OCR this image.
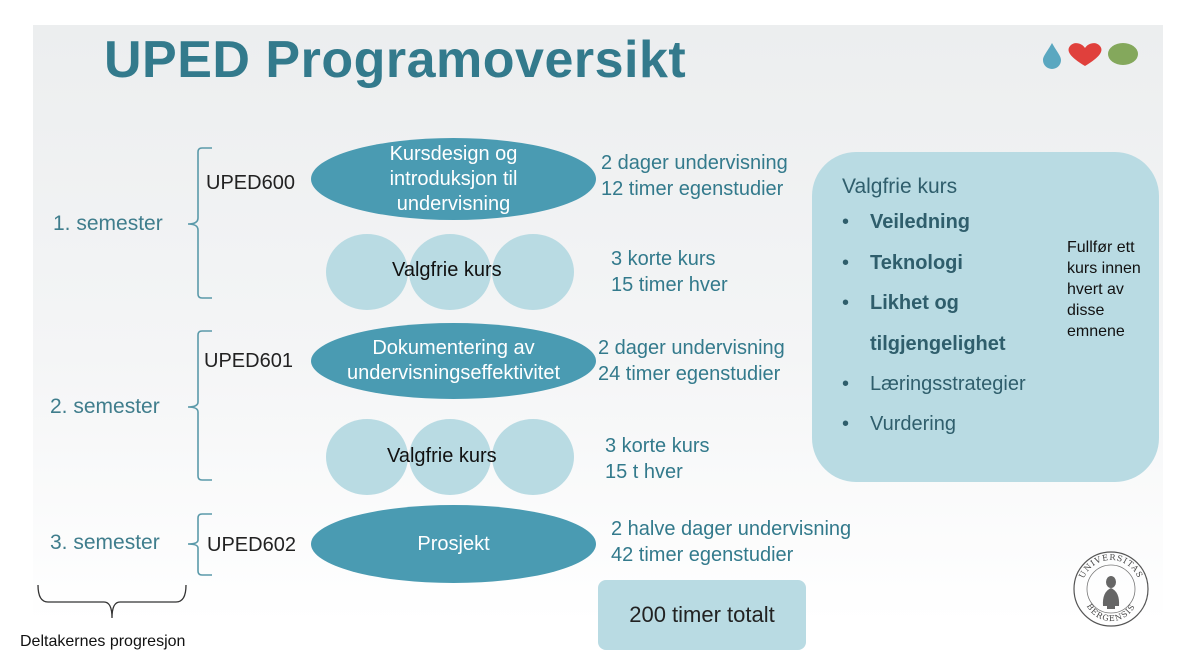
UPED Programoversikt
1. semester
2. semester
3. semester
UPED600
UPED601
UPED602
Kursdesign og introduksjon til undervisning
Dokumentering av undervisningseffektivitet
Prosjekt
Valgfrie kurs
Valgfrie kurs
2 dager undervisning
12 timer egenstudier
3 korte kurs
15 timer hver
2 dager undervisning
24 timer egenstudier
3 korte kurs
15 t hver
2 halve dager undervisning
42 timer egenstudier
Valgfrie kurs
• Veiledning
• Teknologi
• Likhet og
tilgjengelighet
• Læringsstrategier
• Vurdering
Fullfør ett kurs innen hvert av disse emnene
200 timer totalt
Deltakernes progresjon
UNIVERSITAS
BERGENSIS
